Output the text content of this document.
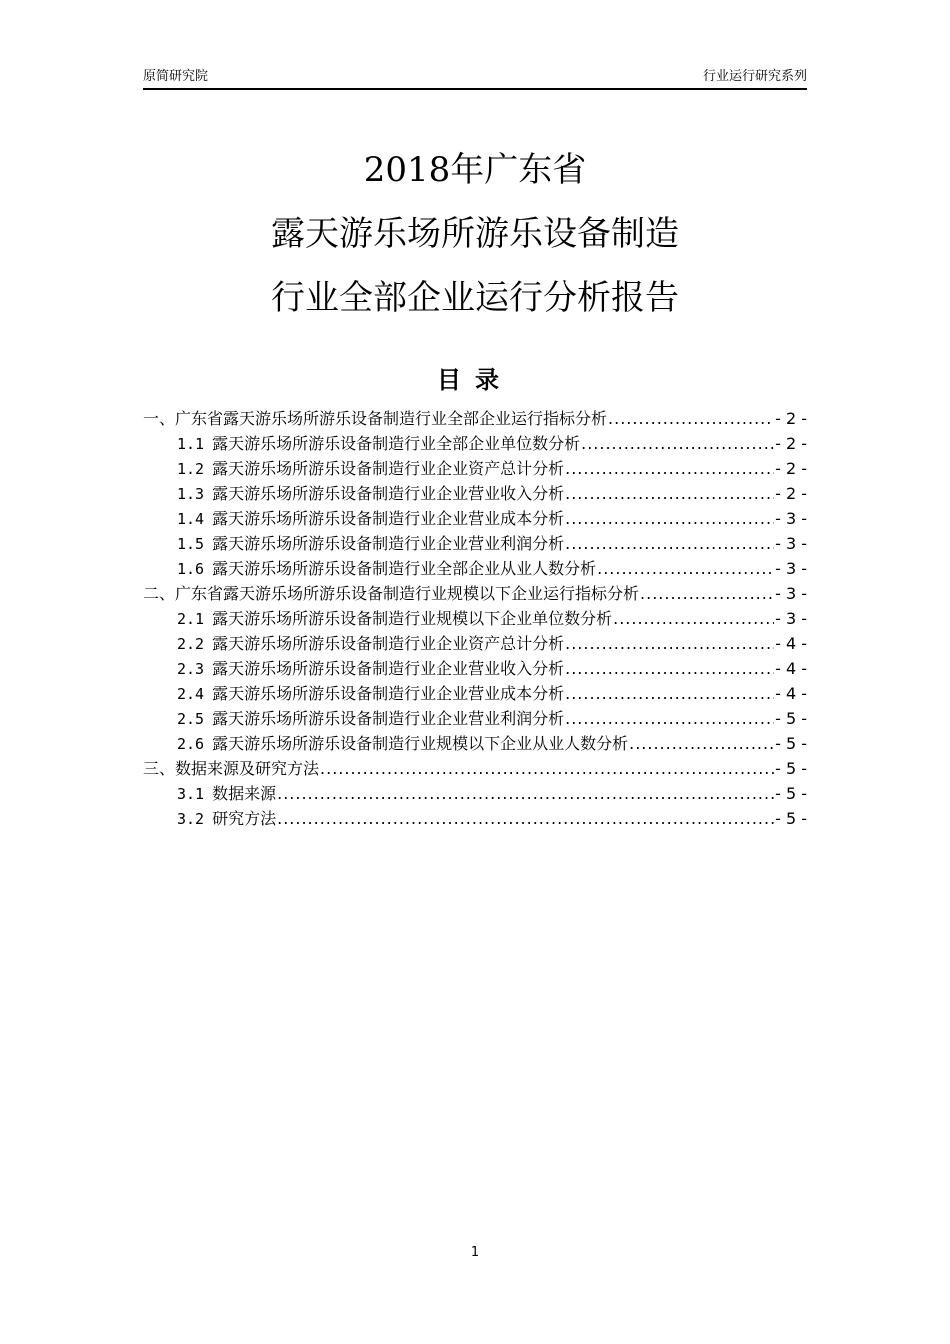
原简研究院	行业运行研究系列
2018年广东省
露天游乐场所游乐设备制造
行业全部企业运行分析报告
目录
一、广东省露天游乐场所游乐设备制造行业全部企业运行指标分析 .....	- 2 -
1.1 露天游乐场所游乐设备制造行业全部企业单位数分析 .....	- 2 -
1.2 露天游乐场所游乐设备制造行业企业资产总计分析 .....	- 2 -
1.3 露天游乐场所游乐设备制造行业企业营业收入分析 .....	- 2 -
1.4 露天游乐场所游乐设备制造行业企业营业成本分析 .....	- 3 -
1.5 露天游乐场所游乐设备制造行业企业营业利润分析 .....	- 3 -
1.6 露天游乐场所游乐设备制造行业全部企业从业人数分析 .....	- 3 -
二、广东省露天游乐场所游乐设备制造行业规模以下企业运行指标分析 .....	- 3 -
2.1 露天游乐场所游乐设备制造行业规模以下企业单位数分析 .....	- 3 -
2.2 露天游乐场所游乐设备制造行业企业资产总计分析 .....	- 4 -
2.3 露天游乐场所游乐设备制造行业企业营业收入分析 .....	- 4 -
2.4 露天游乐场所游乐设备制造行业企业营业成本分析 .....	- 4 -
2.5 露天游乐场所游乐设备制造行业企业营业利润分析 .....	- 5 -
2.6 露天游乐场所游乐设备制造行业规模以下企业从业人数分析 .....	- 5 -
三、数据来源及研究方法 .....	- 5 -
3.1 数据来源 .....	- 5 -
3.2 研究方法 .....	- 5 -
1
